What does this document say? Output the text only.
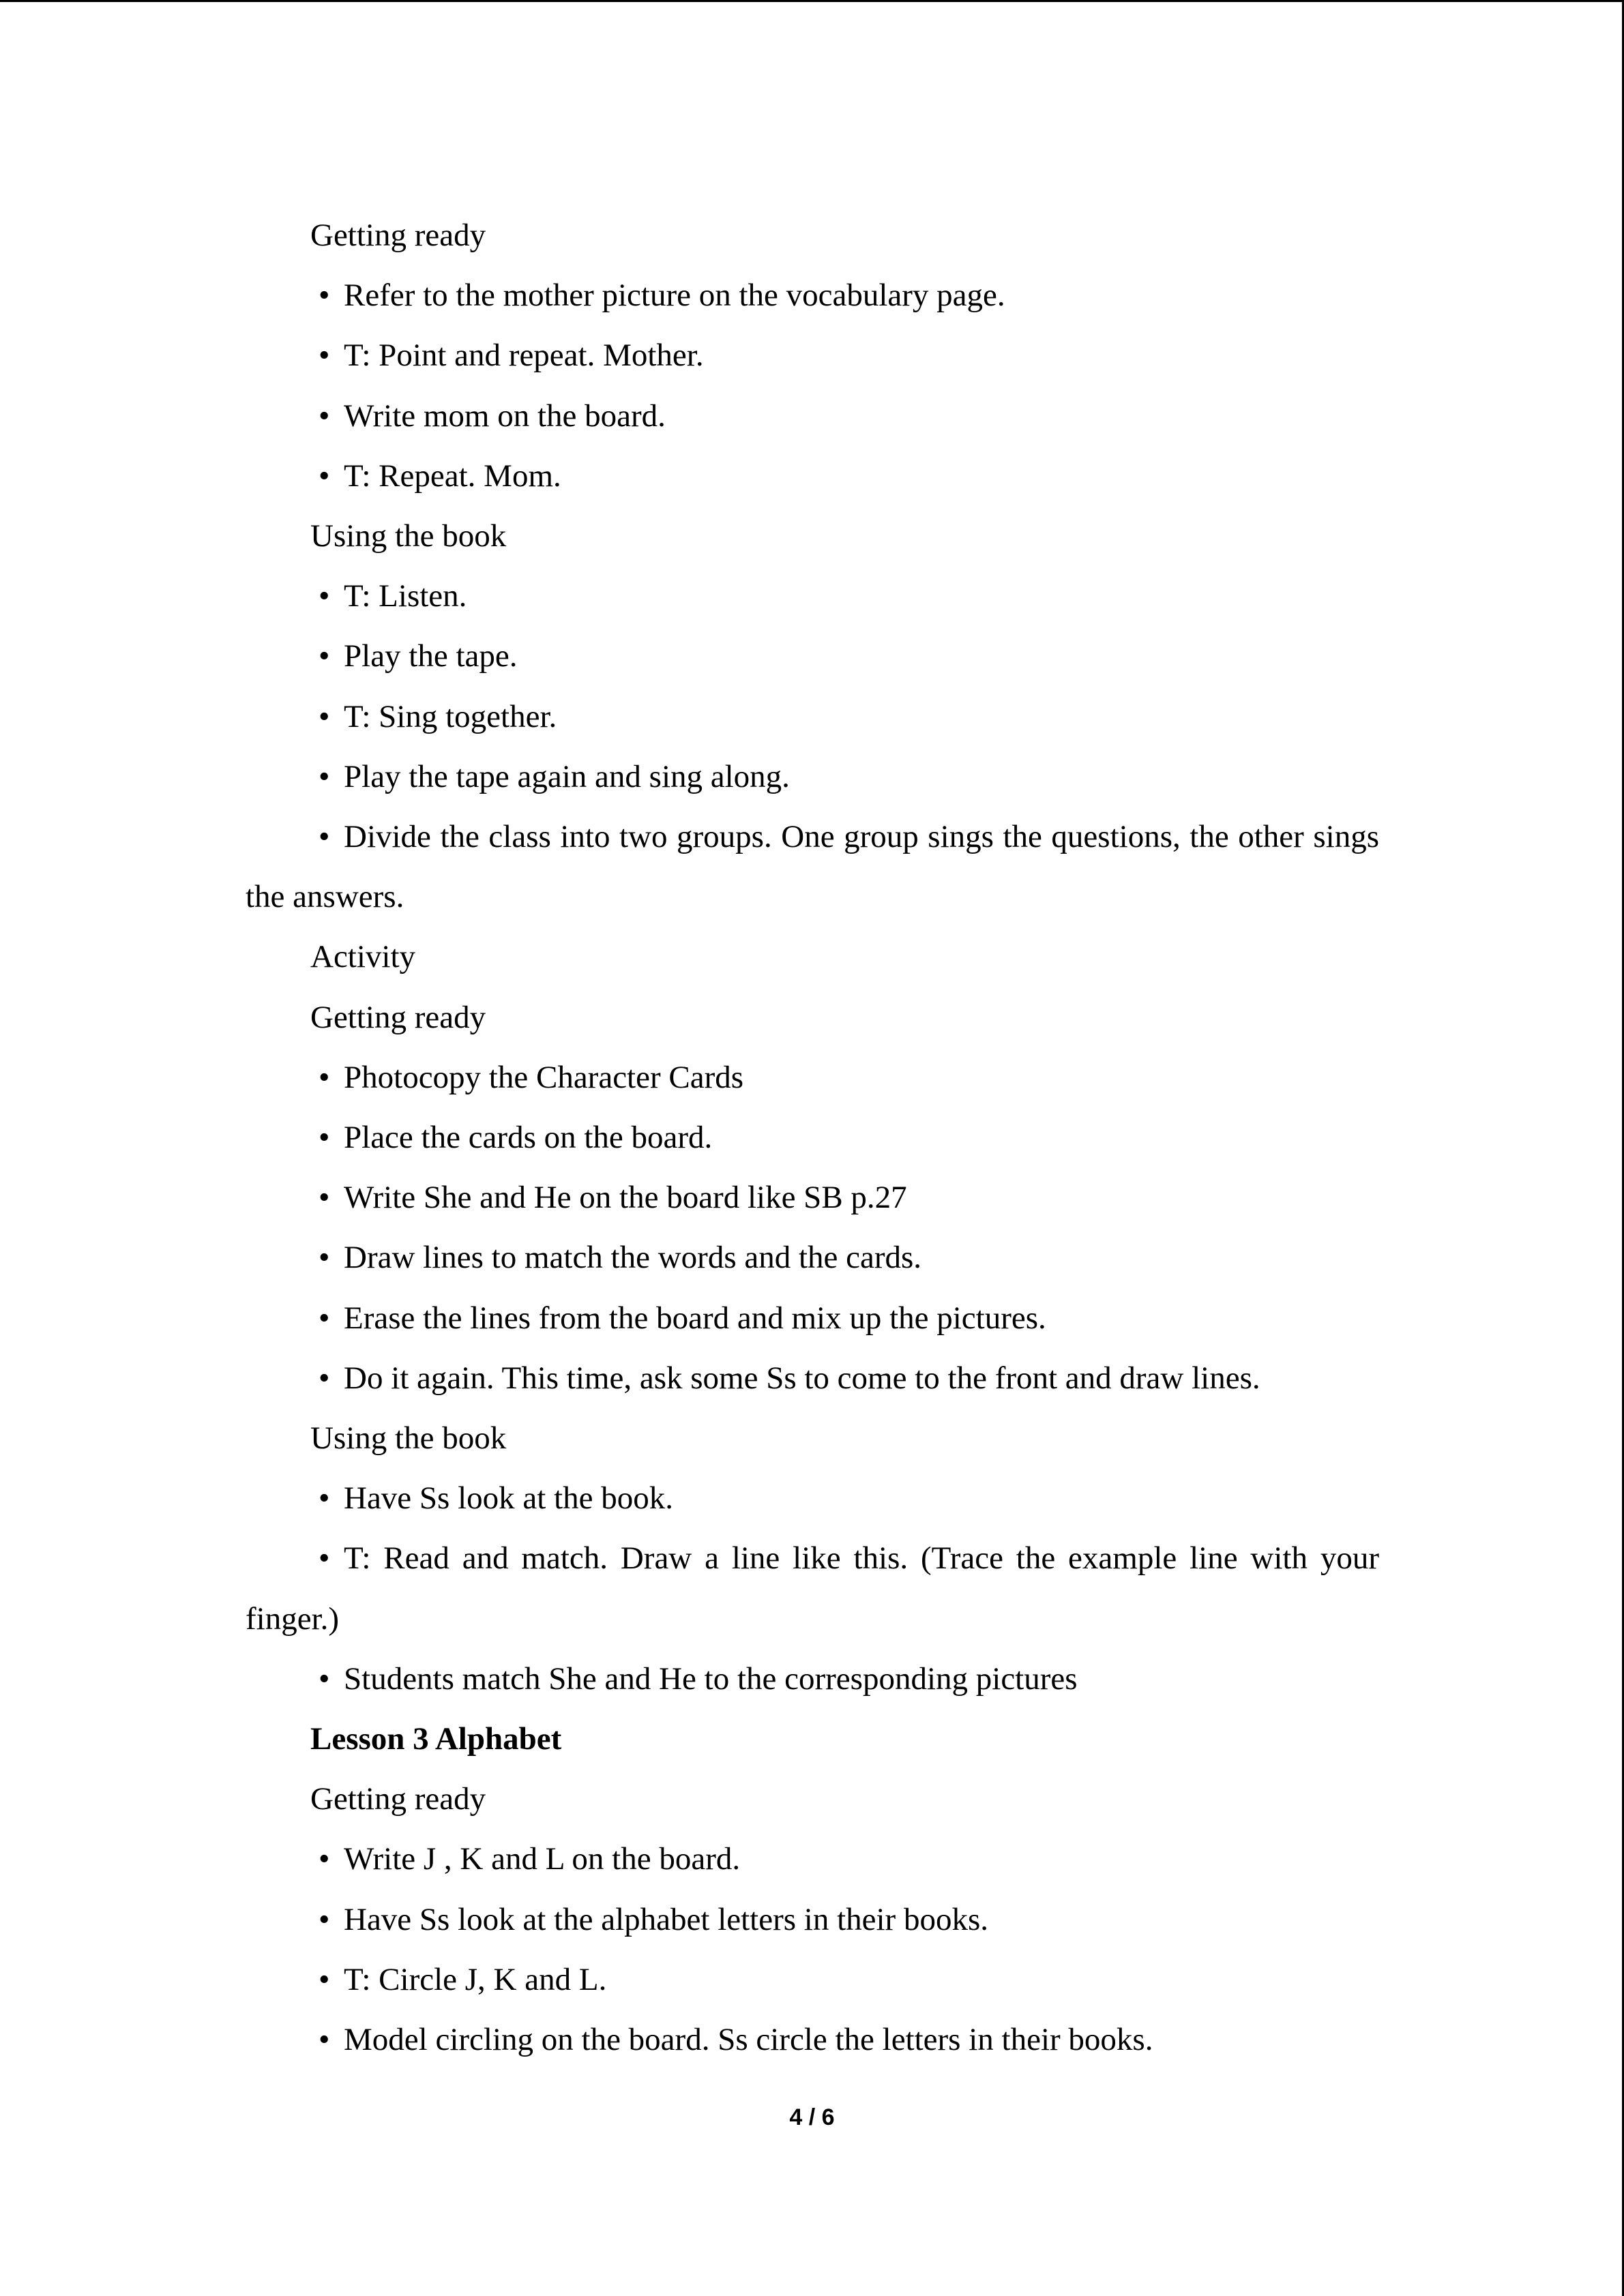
Getting ready
• Refer to the mother picture on the vocabulary page.
• T: Point and repeat. Mother.
• Write mom on the board.
• T: Repeat. Mom.
Using the book
• T: Listen.
• Play the tape.
• T: Sing together.
• Play the tape again and sing along.
• Divide the class into two groups. One group sings the questions, the other sings
the answers.
Activity
Getting ready
• Photocopy the Character Cards
• Place the cards on the board.
• Write She and He on the board like SB p.27
• Draw lines to match the words and the cards.
• Erase the lines from the board and mix up the pictures.
• Do it again. This time, ask some Ss to come to the front and draw lines.
Using the book
• Have Ss look at the book.
• T: Read and match. Draw a line like this. (Trace the example line with your
finger.)
• Students match She and He to the corresponding pictures
Lesson 3 Alphabet
Getting ready
• Write J , K and L on the board.
• Have Ss look at the alphabet letters in their books.
• T: Circle J, K and L.
• Model circling on the board. Ss circle the letters in their books.
4 / 6
